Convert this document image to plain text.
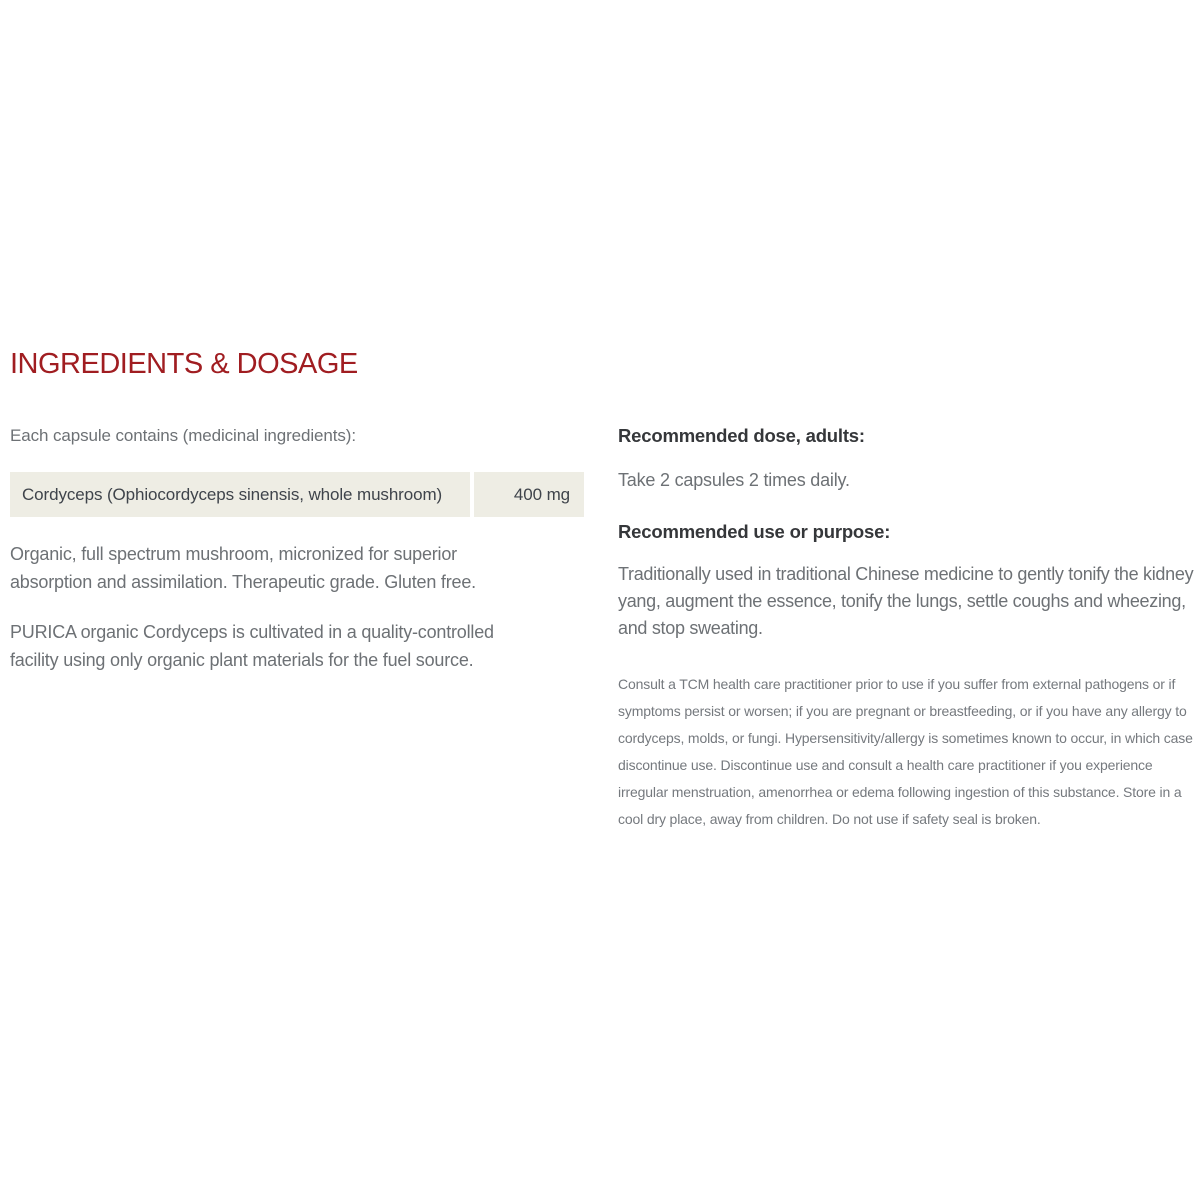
INGREDIENTS & DOSAGE

Each capsule contains (medicinal ingredients):

Cordyceps (Ophiocordyceps sinensis, whole mushroom)	400 mg

Organic, full spectrum mushroom, micronized for superior absorption and assimilation. Therapeutic grade. Gluten free.

PURICA organic Cordyceps is cultivated in a quality-controlled facility using only organic plant materials for the fuel source.

Recommended dose, adults:

Take 2 capsules 2 times daily.

Recommended use or purpose:

Traditionally used in traditional Chinese medicine to gently tonify the kidney yang, augment the essence, tonify the lungs, settle coughs and wheezing, and stop sweating.

Consult a TCM health care practitioner prior to use if you suffer from external pathogens or if symptoms persist or worsen; if you are pregnant or breastfeeding, or if you have any allergy to cordyceps, molds, or fungi. Hypersensitivity/allergy is sometimes known to occur, in which case discontinue use. Discontinue use and consult a health care practitioner if you experience irregular menstruation, amenorrhea or edema following ingestion of this substance. Store in a cool dry place, away from children. Do not use if safety seal is broken.
